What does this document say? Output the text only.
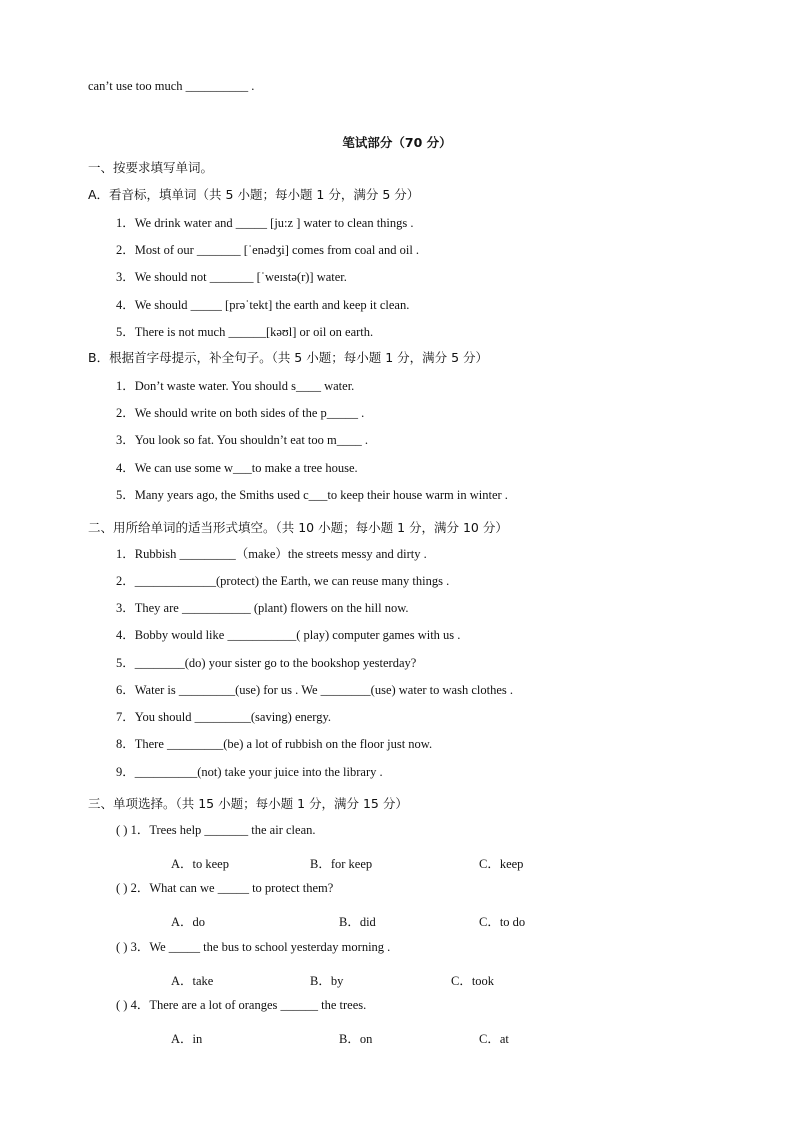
can’t use too much __________ .
笔试部分（70 分）
一、按要求填写单词。
A．看音标，填单词（共 5 小题；每小题 1 分，满分 5 分）
1．We drink water and _____ [ju:z ] water to clean things .
2．Most of our _______ [ˈenədʒi] comes from coal and oil .
3．We should not _______ [ˈweɪstə(r)] water.
4．We should _____ [prəˈtekt] the earth and keep it clean.
5．There is not much ______[kəʊl] or oil on earth.
B．根据首字母提示，补全句子。（共 5 小题；每小题 1 分，满分 5 分）
1．Don’t waste water. You should s____ water.
2．We should write on both sides of the p_____ .
3．You look so fat. You shouldn’t eat too m____ .
4．We can use some w___to make a tree house.
5．Many years ago, the Smiths used c___to keep their house warm in winter .
二、用所给单词的适当形式填空。（共 10 小题；每小题 1 分，满分 10 分）
1．Rubbish _________（make）the streets messy and dirty .
2．_____________(protect) the Earth, we can reuse many things .
3．They are ___________ (plant) flowers on the hill now.
4．Bobby would like ___________( play) computer games with us .
5．________(do) your sister go to the bookshop yesterday?
6．Water is _________(use) for us . We ________(use) water to wash clothes .
7．You should _________(saving) energy.
8．There _________(be) a lot of rubbish on the floor just now.
9．__________(not) take your juice into the library .
三、单项选择。（共 15 小题；每小题 1 分，满分 15 分）
( ) 1．Trees help _______ the air clean.
A．to keep	B．for keep	C．keep
( ) 2．What can we _____ to protect them?
A．do	B．did	C．to do
( ) 3．We _____ the bus to school yesterday morning .
A．take	B．by	C．took
( ) 4．There are a lot of oranges ______ the trees.
A．in	B．on	C．at
